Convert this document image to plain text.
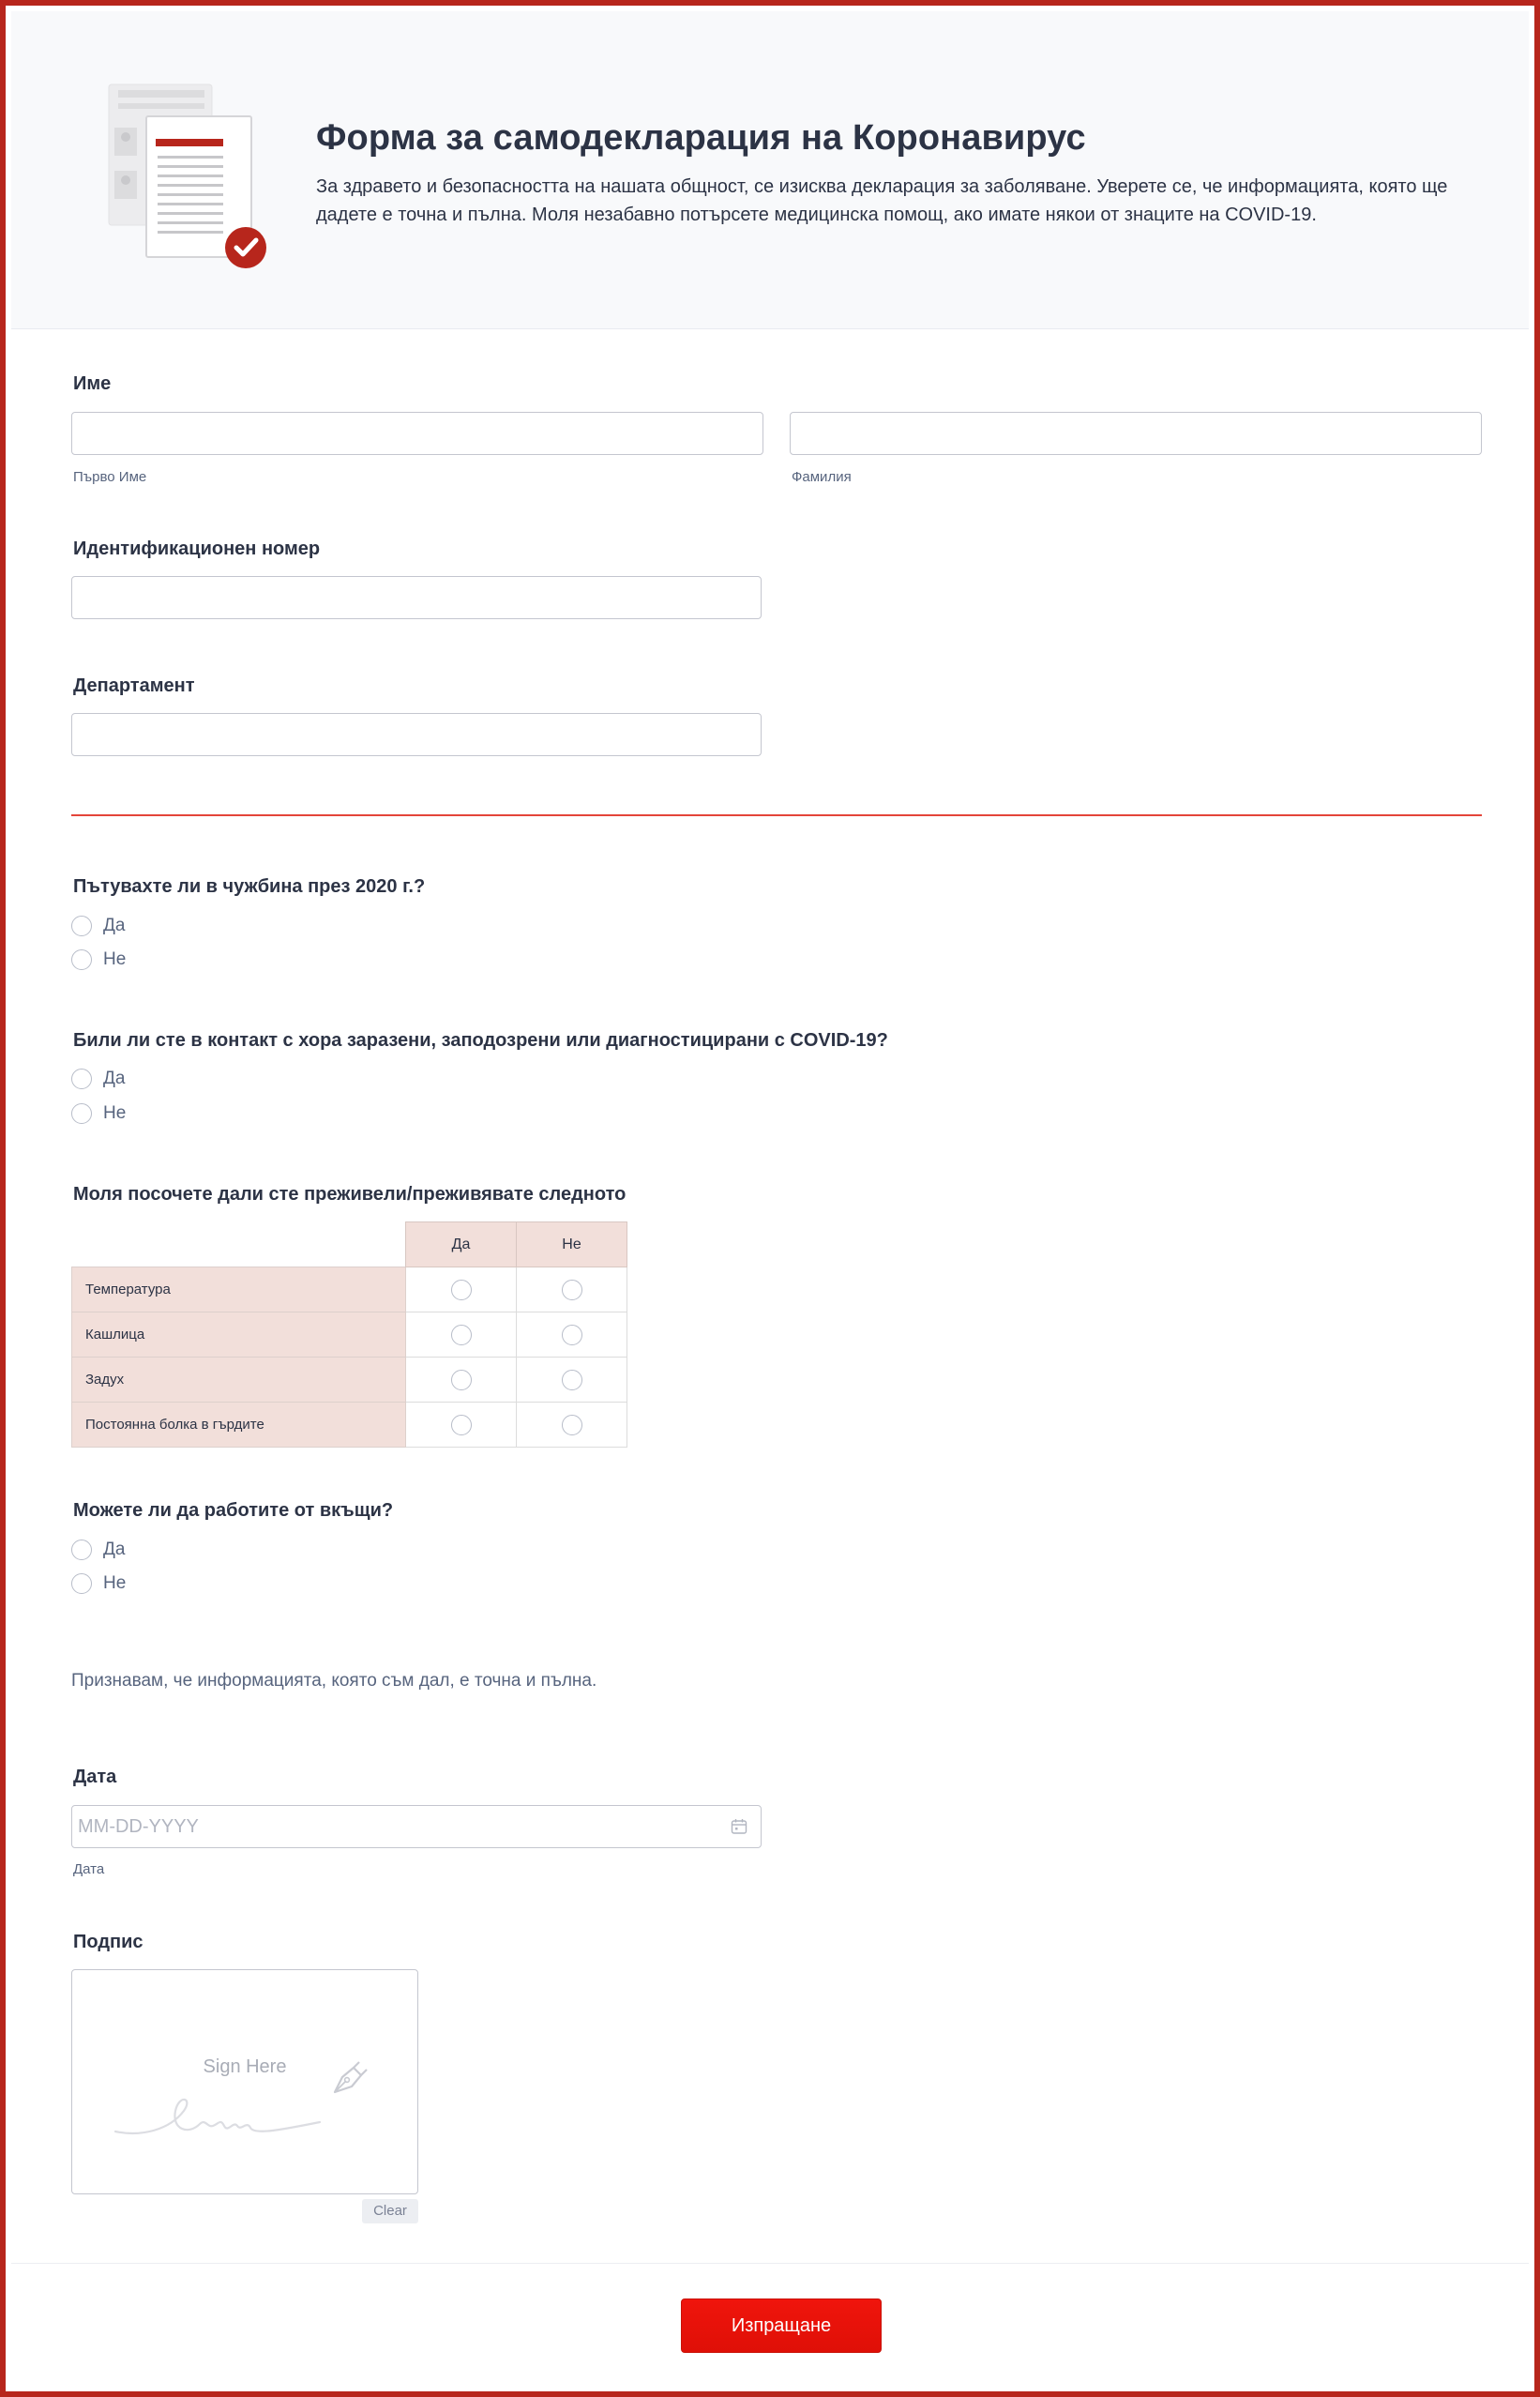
Форма за самодекларация на Коронавирус

За здравето и безопасността на нашата общност, се изисква декларация за заболяване. Уверете се, че информацията, която ще дадете е точна и пълна. Моля незабавно потърсете медицинска помощ, ако имате някои от знаците на COVID-19.

Име
Първо Име	Фамилия
Идентификационен номер
Департамент
Пътувахте ли в чужбина през 2020 г.?
Да
Не
Били ли сте в контакт с хора заразени, заподозрени или диагностицирани с COVID-19?
Да
Не
Моля посочете дали сте преживели/преживявате следното
	Да	Не
Температура		
Кашлица		
Задух		
Постоянна болка в гърдите		
Можете ли да работите от вкъщи?
Да
Не

Признавам, че информацията, която съм дал, е точна и пълна.

Дата
MM-DD-YYYY
Дата
Подпис
Sign Here
Clear
Изпращане
